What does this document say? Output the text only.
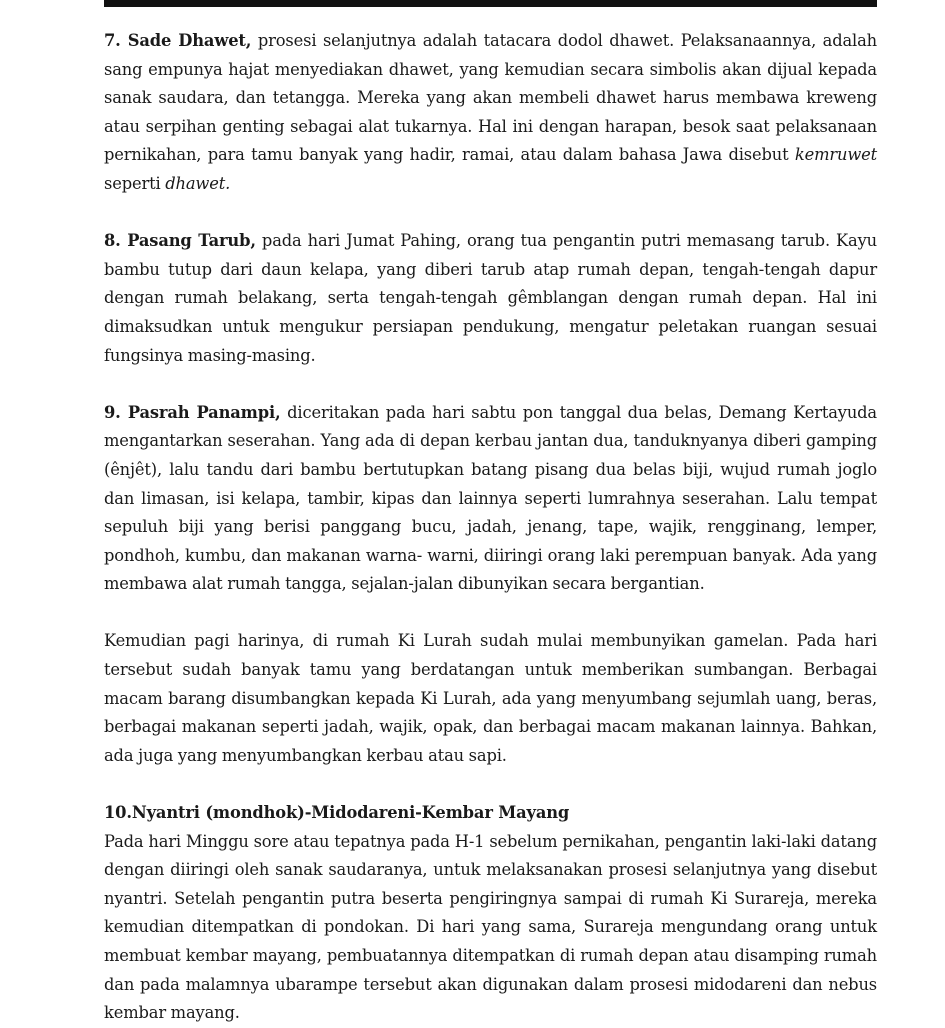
7. Sade Dhawet, prosesi selanjutnya adalah tatacara dodol dhawet. Pelaksanaannya, adalah sang empunya hajat menyediakan dhawet, yang kemudian secara simbolis akan dijual kepada sanak saudara, dan tetangga. Mereka yang akan membeli dhawet harus membawa kreweng atau serpihan genting sebagai alat tukarnya. Hal ini dengan harapan, besok saat pelaksanaan pernikahan, para tamu banyak yang hadir, ramai, atau dalam bahasa Jawa disebut kemruwet seperti dhawet.

8. Pasang Tarub, pada hari Jumat Pahing, orang tua pengantin putri memasang tarub. Kayu bambu tutup dari daun kelapa, yang diberi tarub atap rumah depan, tengah-tengah dapur dengan rumah belakang, serta tengah-tengah gêmblangan dengan rumah depan. Hal ini dimaksudkan untuk mengukur persiapan pendukung, mengatur peletakan ruangan sesuai fungsinya masing-masing.

9. Pasrah Panampi, diceritakan pada hari sabtu pon tanggal dua belas, Demang Kertayuda mengantarkan seserahan. Yang ada di depan kerbau jantan dua, tanduknyanya diberi gamping (ênjêt), lalu tandu dari bambu bertutupkan batang pisang dua belas biji, wujud rumah joglo dan limasan, isi kelapa, tambir, kipas dan lainnya seperti lumrahnya seserahan. Lalu tempat sepuluh biji yang berisi panggang bucu, jadah, jenang, tape, wajik, rengginang, lemper, pondhoh, kumbu, dan makanan warna- warni, diiringi orang laki perempuan banyak. Ada yang membawa alat rumah tangga, sejalan-jalan dibunyikan secara bergantian.

Kemudian pagi harinya, di rumah Ki Lurah sudah mulai membunyikan gamelan. Pada hari tersebut sudah banyak tamu yang berdatangan untuk memberikan sumbangan. Berbagai macam barang disumbangkan kepada Ki Lurah, ada yang menyumbang sejumlah uang, beras, berbagai makanan seperti jadah, wajik, opak, dan berbagai macam makanan lainnya. Bahkan, ada juga yang menyumbangkan kerbau atau sapi.

10.Nyantri (mondhok)-Midodareni-Kembar Mayang

Pada hari Minggu sore atau tepatnya pada H-1 sebelum pernikahan, pengantin laki-laki datang dengan diiringi oleh sanak saudaranya, untuk melaksanakan prosesi selanjutnya yang disebut nyantri. Setelah pengantin putra beserta pengiringnya sampai di rumah Ki Surareja, mereka kemudian ditempatkan di pondokan. Di hari yang sama, Surareja mengundang orang untuk membuat kembar mayang, pembuatannya ditempatkan di rumah depan atau disamping rumah dan pada malamnya ubarampe tersebut akan digunakan dalam prosesi midodareni dan nebus kembar mayang.
